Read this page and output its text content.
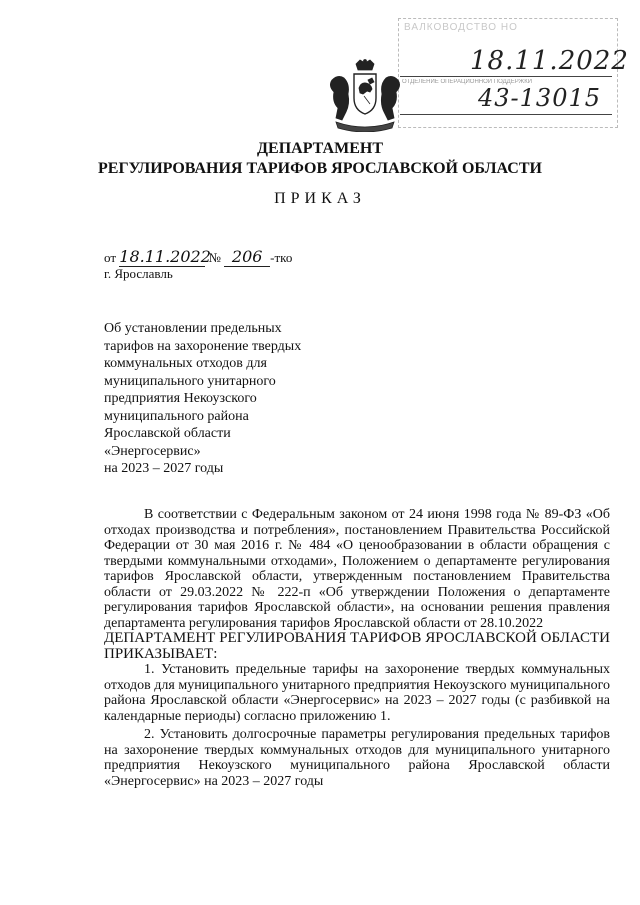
ВАЛКОВОДСТВО НО
18.11.2022
ОТДЕЛЕНИЕ ОПЕРАЦИОННОЙ ПОДДЕРЖКИ
43-13015
ДЕПАРТАМЕНТ
РЕГУЛИРОВАНИЯ ТАРИФОВ ЯРОСЛАВСКОЙ ОБЛАСТИ
ПРИКАЗ
от 18.11.2022 № 206 -тко
г. Ярославль
Об установлении предельных
тарифов на захоронение твердых
коммунальных отходов для
муниципального унитарного
предприятия Некоузского
муниципального района
Ярославской области
«Энергосервис»
на 2023 – 2027 годы

В соответствии с Федеральным законом от 24 июня 1998 года № 89-ФЗ «Об отходах производства и потребления», постановлением Правительства Российской Федерации от 30 мая 2016 г. № 484 «О ценообразовании в области обращения с твердыми коммунальными отходами», Положением о департаменте регулирования тарифов Ярославской области, утвержденным постановлением Правительства области от 29.03.2022 № 222-п «Об утверждении Положения о департаменте регулирования тарифов Ярославской области», на основании решения правления департамента регулирования тарифов Ярославской области от 28.10.2022

ДЕПАРТАМЕНТ РЕГУЛИРОВАНИЯ ТАРИФОВ ЯРОСЛАВСКОЙ ОБЛАСТИ ПРИКАЗЫВАЕТ:

1. Установить предельные тарифы на захоронение твердых коммунальных отходов для муниципального унитарного предприятия Некоузского муниципального района Ярославской области «Энергосервис» на 2023 – 2027 годы (с разбивкой на календарные периоды) согласно приложению 1.

2. Установить долгосрочные параметры регулирования предельных тарифов на захоронение твердых коммунальных отходов для муниципального унитарного предприятия Некоузского муниципального района Ярославской области «Энергосервис» на 2023 – 2027 годы
